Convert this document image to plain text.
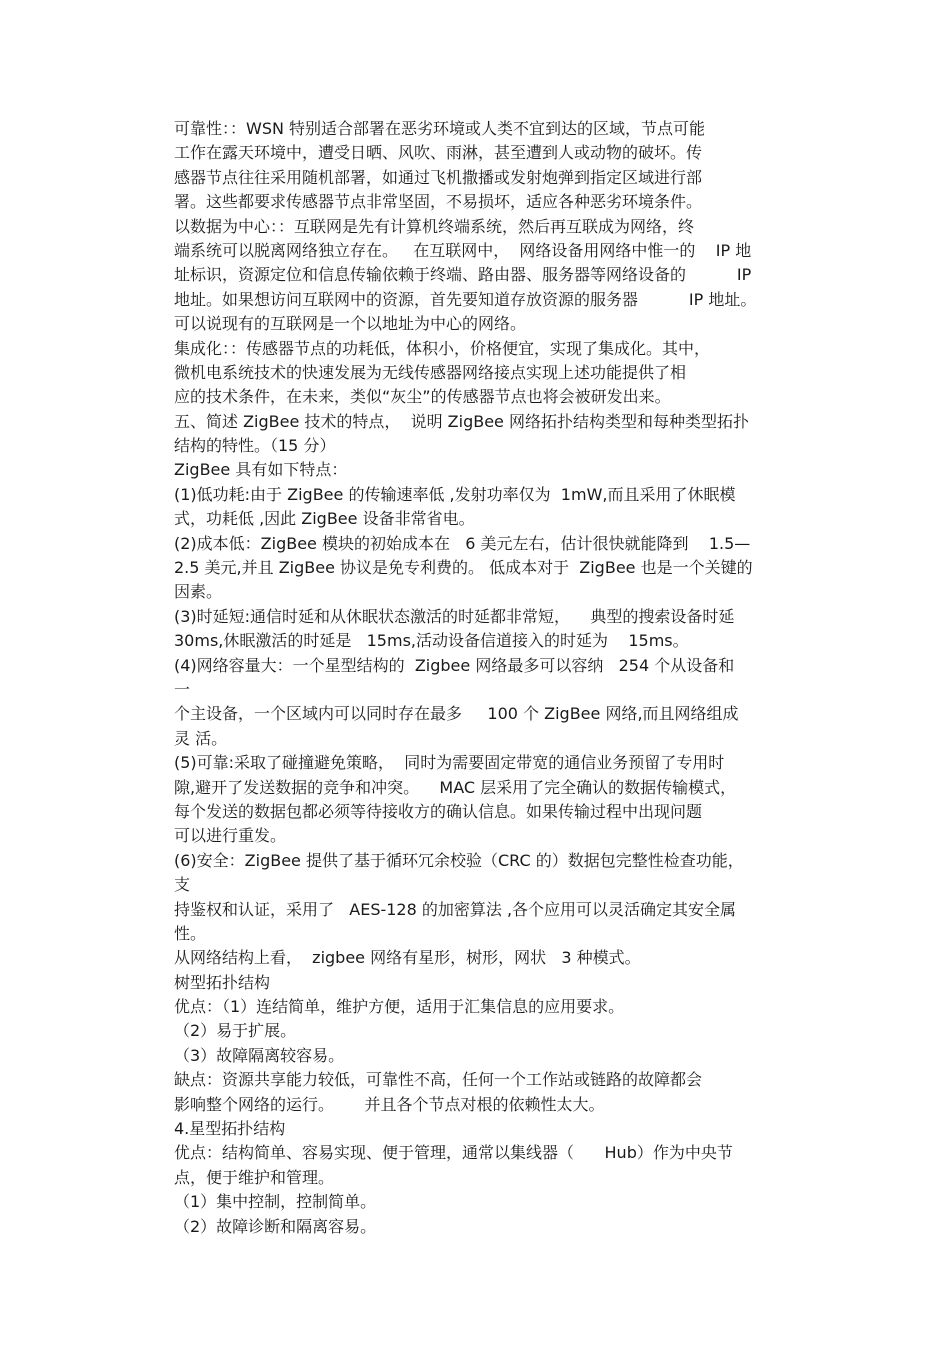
可靠性：：WSN 特别适合部署在恶劣环境或人类不宜到达的区域，节点可能
工作在露天环境中，遭受日晒、风吹、雨淋，甚至遭到人或动物的破坏。传
感器节点往往采用随机部署，如通过飞机撒播或发射炮弹到指定区域进行部
署。这些都要求传感器节点非常坚固，不易损坏，适应各种恶劣环境条件。
以数据为中心：：互联网是先有计算机终端系统，然后再互联成为网络，终
端系统可以脱离网络独立存在。   在互联网中，  网络设备用网络中惟一的    IP 地
址标识，资源定位和信息传输依赖于终端、路由器、服务器等网络设备的          IP
地址。如果想访问互联网中的资源，首先要知道存放资源的服务器          IP 地址。
可以说现有的互联网是一个以地址为中心的网络。
集成化：：传感器节点的功耗低，体积小，价格便宜，实现了集成化。其中，
微机电系统技术的快速发展为无线传感器网络接点实现上述功能提供了相
应的技术条件，在未来，类似“灰尘”的传感器节点也将会被研发出来。
五、简述 ZigBee 技术的特点，  说明 ZigBee 网络拓扑结构类型和每种类型拓扑
结构的特性。（15 分）
ZigBee 具有如下特点：
(1)低功耗:由于 ZigBee 的传输速率低 ,发射功率仅为  1mW,而且采用了休眠模
式，功耗低 ,因此 ZigBee 设备非常省电。
(2)成本低：ZigBee 模块的初始成本在   6 美元左右，估计很快就能降到    1.5—
2.5 美元,并且 ZigBee 协议是免专利费的。 低成本对于  ZigBee 也是一个关键的
因素。
(3)时延短:通信时延和从休眠状态激活的时延都非常短，    典型的搜索设备时延
30ms,休眠激活的时延是   15ms,活动设备信道接入的时延为    15ms。
(4)网络容量大：一个星型结构的  Zigbee 网络最多可以容纳   254 个从设备和
一
个主设备，一个区域内可以同时存在最多     100 个 ZigBee 网络,而且网络组成
灵 活。
(5)可靠:采取了碰撞避免策略，  同时为需要固定带宽的通信业务预留了专用时
隙,避开了发送数据的竞争和冲突。    MAC 层采用了完全确认的数据传输模式，
每个发送的数据包都必须等待接收方的确认信息。如果传输过程中出现问题
可以进行重发。
(6)安全：ZigBee 提供了基于循环冗余校验（CRC 的）数据包完整性检查功能，
支
持鉴权和认证，采用了   AES-128 的加密算法 ,各个应用可以灵活确定其安全属
性。
从网络结构上看，  zigbee 网络有星形，树形，网状   3 种模式。
树型拓扑结构
优点：（1）连结简单，维护方便，适用于汇集信息的应用要求。
（2）易于扩展。
（3）故障隔离较容易。
缺点：资源共享能力较低，可靠性不高，任何一个工作站或链路的故障都会
影响整个网络的运行。      并且各个节点对根的依赖性太大。
4.星型拓扑结构
优点：结构简单、容易实现、便于管理，通常以集线器（      Hub）作为中央节
点，便于维护和管理。
（1）集中控制，控制简单。
（2）故障诊断和隔离容易。
